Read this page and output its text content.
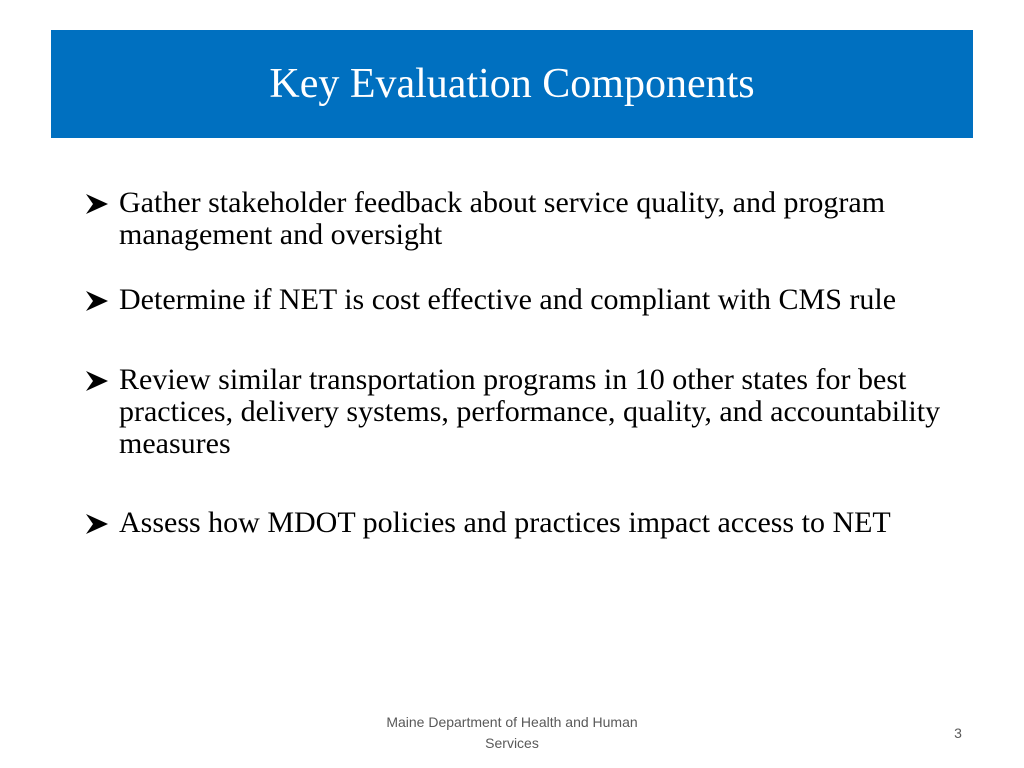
Key Evaluation Components
Gather stakeholder feedback about service quality, and program management and oversight
Determine if NET is cost effective and compliant with CMS rule
Review similar transportation programs in 10 other states for best practices, delivery systems, performance, quality, and accountability measures
Assess how MDOT policies and practices impact access to NET
Maine Department of Health and Human Services
3
